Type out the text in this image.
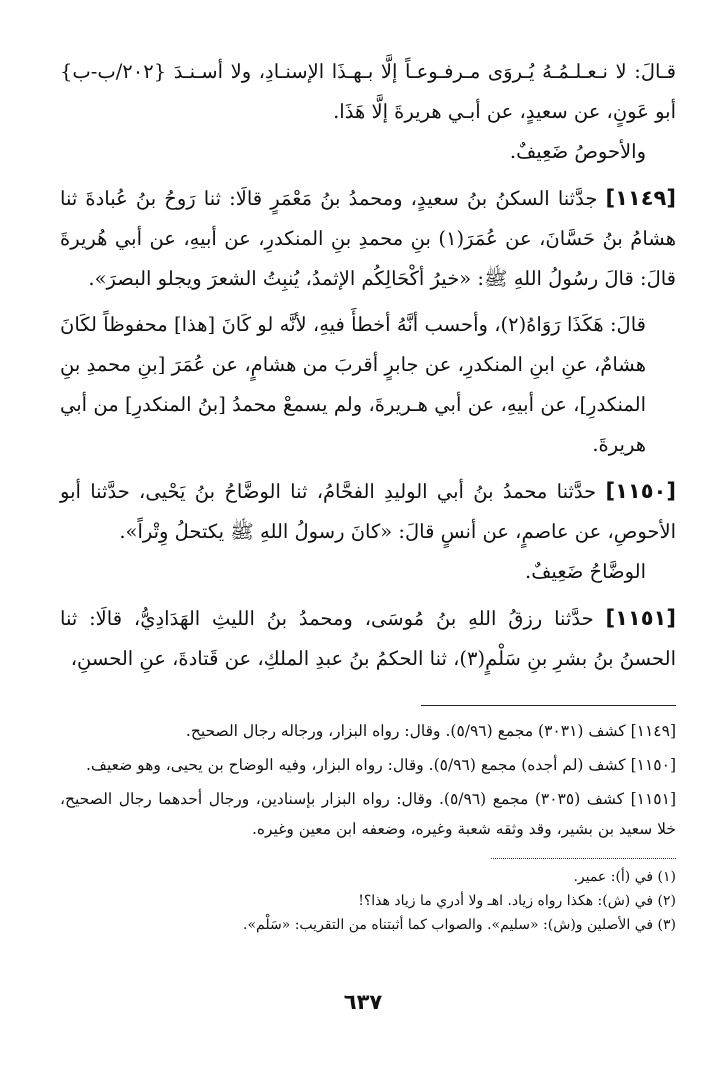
قـالَ: لا نـعـلـمُـهُ يُـروَى مـرفـوعـاً إلَّا بـهـذَا الإسنـادِ، ولا أسـنـدَ {٢٠٢/ب-ب} أبو عَونٍ، عن سعيدٍ، عن أبـي هريرةَ إلَّا هَذَا.

والأحوصُ ضَعِيفٌ.

[١١٤٩] جدَّثنا السكنُ بنُ سعيدٍ، ومحمدُ بنُ مَعْمَرٍ قالَا: ثنا رَوحُ بنُ عُبادةَ ثنا هشامُ بنُ حَسَّانَ، عن عُمَرَ(١) بنِ محمدِ بنِ المنكدرِ، عن أبيهِ، عن أبي هُريرةَ قالَ: قالَ رسُولُ اللهِ ﷺ: «خيرُ أكْحَالِكُم الإثمدُ، يُنبِتُ الشعرَ ويجلو البصرَ».

قالَ: هَكَذَا رَوَاهُ(٢)، وأحسب أنَّهُ أخطأَ فيهِ، لأنَّه لو كَانَ [هذا] محفوظاً لكَانَ هشامٌ، عنِ ابنِ المنكدرِ، عن جابرٍ أقربَ من هشامٍ، عن عُمَرَ [بنِ محمدِ بنِ المنكدرِ]، عن أبيهِ، عن أبي هـريرةَ، ولم يسمعْ محمدُ [بنُ المنكدرِ] من أبي هريرةَ.

[١١٥٠] حدَّثنا محمدُ بنُ أبي الوليدِ الفحَّامُ، ثنا الوضَّاحُ بنُ يَحْيى، حدَّثنا أبو الأحوصِ، عن عاصمٍ، عن أنسٍ قالَ: «كانَ رسولُ اللهِ ﷺ يكتحلُ وِتْراً».

الوضَّاحُ ضَعِيفٌ.

[١١٥١] حدَّثنا رزقُ اللهِ بنُ مُوسَى، ومحمدُ بنُ الليثِ الهَدَادِيُّ، قالَا: ثنا الحسنُ بنُ بشرِ بنِ سَلْمٍ(٣)، ثنا الحكمُ بنُ عبدِ الملكِ، عن قَتادةَ، عنِ الحسنِ،

[١١٤٩] كشف (٣٠٣١) مجمع (٥/٩٦). وقال: رواه البزار، ورجاله رجال الصحيح.

[١١٥٠] كشف (لم أجده) مجمع (٥/٩٦). وقال: رواه البزار، وفيه الوضاح بن يحيى، وهو ضعيف.

[١١٥١] كشف (٣٠٣٥) مجمع (٥/٩٦). وقال: رواه البزار بإسنادين، ورجال أحدهما رجال الصحيح، خلا سعيد بن بشير، وقد وثقه شعبة وغيره، وضعفه ابن معين وغيره.

(١) في (أ): عمير.

(٢) في (ش): هكذا رواه زياد. اهـ ولا أدري ما زياد هذا؟!

(٣) في الأصلين و(ش): «سليم». والصواب كما أثبتناه من التقريب: «سَلْم».

٦٣٧
